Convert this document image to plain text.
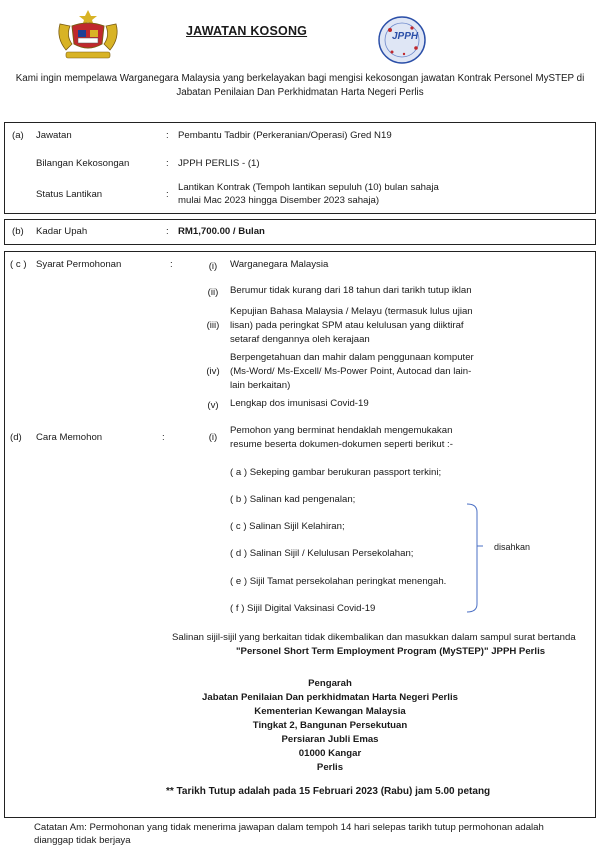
JAWATAN KOSONG	JPPH
Kami ingin mempelawa Warganegara Malaysia yang berkelayakan bagi mengisi kekosongan jawatan Kontrak Personel MySTEP di Jabatan Penilaian Dan Perkhidmatan Harta Negeri Perlis
(a) Jawatan	: Pembantu Tadbir (Perkeranian/Operasi) Gred N19
Bilangan Kekosongan	: JPPH PERLIS - (1)
Status Lantikan	:
Lantikan Kontrak (Tempoh lantikan sepuluh (10) bulan sahaja
mulai Mac 2023 hingga Disember 2023 sahaja)
(b) Kadar Upah	: RM1,700.00 / Bulan
( c ) Syarat Permohonan	:	(i)	Warganegara Malaysia
(ii)	Berumur tidak kurang dari 18 tahun dari tarikh tutup iklan
(iii)
Kepujian Bahasa Malaysia / Melayu (termasuk lulus ujian
lisan) pada peringkat SPM atau kelulusan yang diiktiraf
setaraf dengannya oleh kerajaan
(iv)
Berpengetahuan dan mahir dalam penggunaan komputer
(Ms-Word/ Ms-Excell/ Ms-Power Point, Autocad dan lain-
lain berkaitan)
(v)	Lengkap dos imunisasi Covid-19
(d) Cara Memohon	:	(i)
Pemohon yang berminat hendaklah mengemukakan
resume beserta dokumen-dokumen seperti berikut :-
( a ) Sekeping gambar berukuran passport terkini;
( b ) Salinan kad pengenalan;
( c ) Salinan Sijil Kelahiran;
( d ) Salinan Sijil / Kelulusan Persekolahan;
( e ) Sijil Tamat persekolahan peringkat menengah.
( f ) Sijil Digital Vaksinasi Covid-19
disahkan
Salinan sijil-sijil yang berkaitan tidak dikembalikan dan masukkan dalam sampul surat bertanda
"Personel Short Term Employment Program (MySTEP)" JPPH Perlis
Pengarah
Jabatan Penilaian Dan perkhidmatan Harta Negeri Perlis
Kementerian Kewangan Malaysia
Tingkat 2, Bangunan Persekutuan
Persiaran Jubli Emas
01000 Kangar
Perlis
** Tarikh Tutup adalah pada 15 Februari 2023 (Rabu) jam 5.00 petang
Catatan Am: Permohonan yang tidak menerima jawapan dalam tempoh 14 hari selepas tarikh tutup permohonan adalah
dianggap tidak berjaya
